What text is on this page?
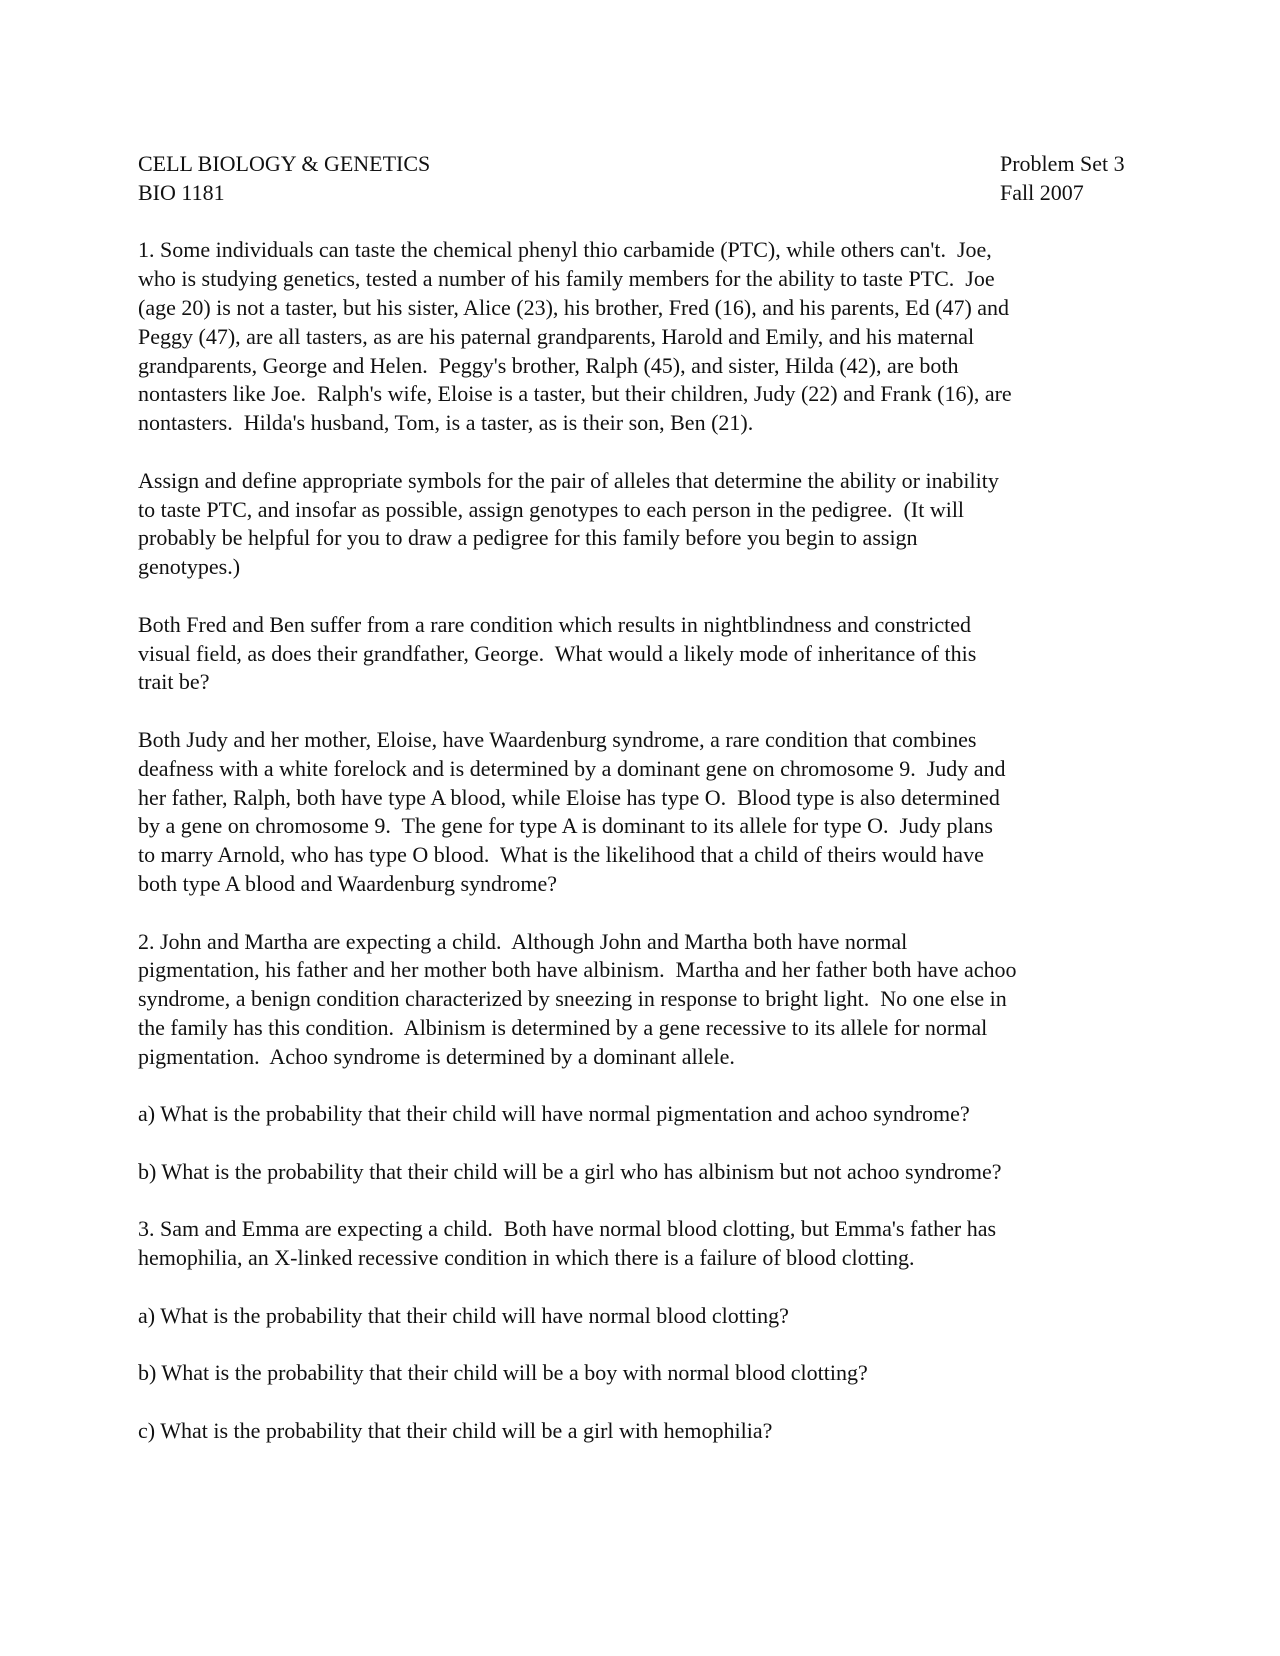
CELL BIOLOGY & GENETICS	Problem Set 3
BIO 1181	Fall 2007

1. Some individuals can taste the chemical phenyl thio carbamide (PTC), while others can't.  Joe,
who is studying genetics, tested a number of his family members for the ability to taste PTC.  Joe
(age 20) is not a taster, but his sister, Alice (23), his brother, Fred (16), and his parents, Ed (47) and
Peggy (47), are all tasters, as are his paternal grandparents, Harold and Emily, and his maternal
grandparents, George and Helen.  Peggy's brother, Ralph (45), and sister, Hilda (42), are both
nontasters like Joe.  Ralph's wife, Eloise is a taster, but their children, Judy (22) and Frank (16), are
nontasters.  Hilda's husband, Tom, is a taster, as is their son, Ben (21).

Assign and define appropriate symbols for the pair of alleles that determine the ability or inability
to taste PTC, and insofar as possible, assign genotypes to each person in the pedigree.  (It will
probably be helpful for you to draw a pedigree for this family before you begin to assign
genotypes.)

Both Fred and Ben suffer from a rare condition which results in nightblindness and constricted
visual field, as does their grandfather, George.  What would a likely mode of inheritance of this
trait be?

Both Judy and her mother, Eloise, have Waardenburg syndrome, a rare condition that combines
deafness with a white forelock and is determined by a dominant gene on chromosome 9.  Judy and
her father, Ralph, both have type A blood, while Eloise has type O.  Blood type is also determined
by a gene on chromosome 9.  The gene for type A is dominant to its allele for type O.  Judy plans
to marry Arnold, who has type O blood.  What is the likelihood that a child of theirs would have
both type A blood and Waardenburg syndrome?

2. John and Martha are expecting a child.  Although John and Martha both have normal
pigmentation, his father and her mother both have albinism.  Martha and her father both have achoo
syndrome, a benign condition characterized by sneezing in response to bright light.  No one else in
the family has this condition.  Albinism is determined by a gene recessive to its allele for normal
pigmentation.  Achoo syndrome is determined by a dominant allele.

a) What is the probability that their child will have normal pigmentation and achoo syndrome?

b) What is the probability that their child will be a girl who has albinism but not achoo syndrome?

3. Sam and Emma are expecting a child.  Both have normal blood clotting, but Emma's father has
hemophilia, an X-linked recessive condition in which there is a failure of blood clotting.

a) What is the probability that their child will have normal blood clotting?

b) What is the probability that their child will be a boy with normal blood clotting?

c) What is the probability that their child will be a girl with hemophilia?
